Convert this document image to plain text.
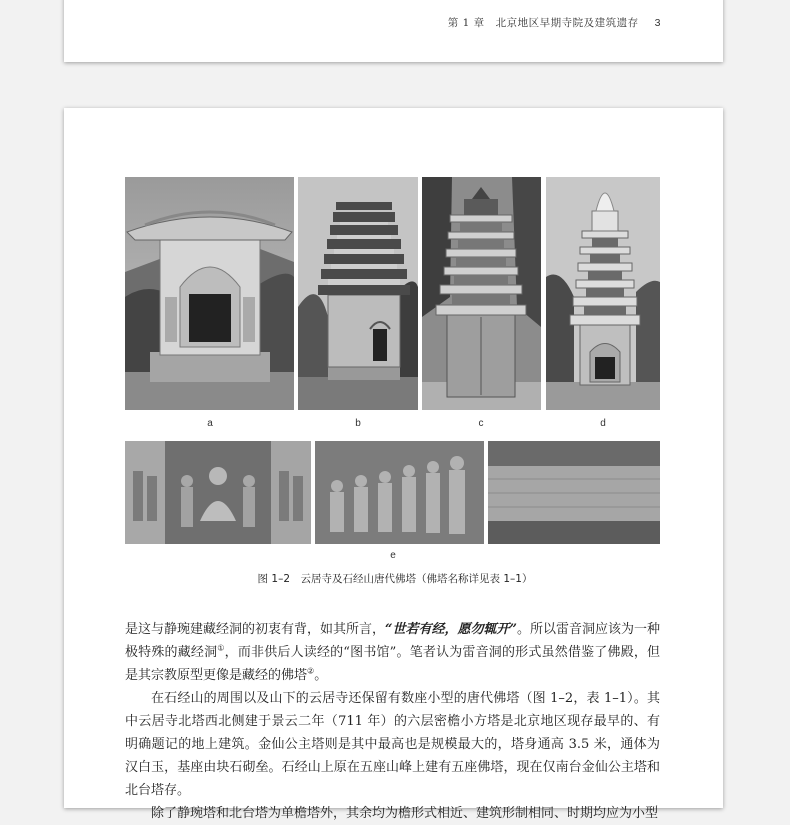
第 1 章　北京地区早期寺院及建筑遗存 3
a	b	c	d
e
图 1–2　云居寺及石经山唐代佛塔（佛塔名称详见表 1–1）

是这与静琬建藏经洞的初衷有背，如其所言，“世若有经，愿勿辄开”。所以雷音洞应该为一种极特殊的藏经洞①，而非供后人读经的“图书馆”。笔者认为雷音洞的形式虽然借鉴了佛殿，但是其宗教原型更像是藏经的佛塔②。

在石经山的周围以及山下的云居寺还保留有数座小型的唐代佛塔（图 1–2，表 1–1）。其中云居寺北塔西北侧建于景云二年（711 年）的六层密檐小方塔是北京地区现存最早的、有明确题记的地上建筑。金仙公主塔则是其中最高也是规模最大的，塔身通高 3.5 米，通体为汉白玉，基座由块石砌垒。石经山上原在五座山峰上建有五座佛塔，现在仅南台金仙公主塔和北台塔存。

除了静琬塔和北台塔为单檐塔外，其余均为檐形式相近、建筑形制相同、时期均应为小型
